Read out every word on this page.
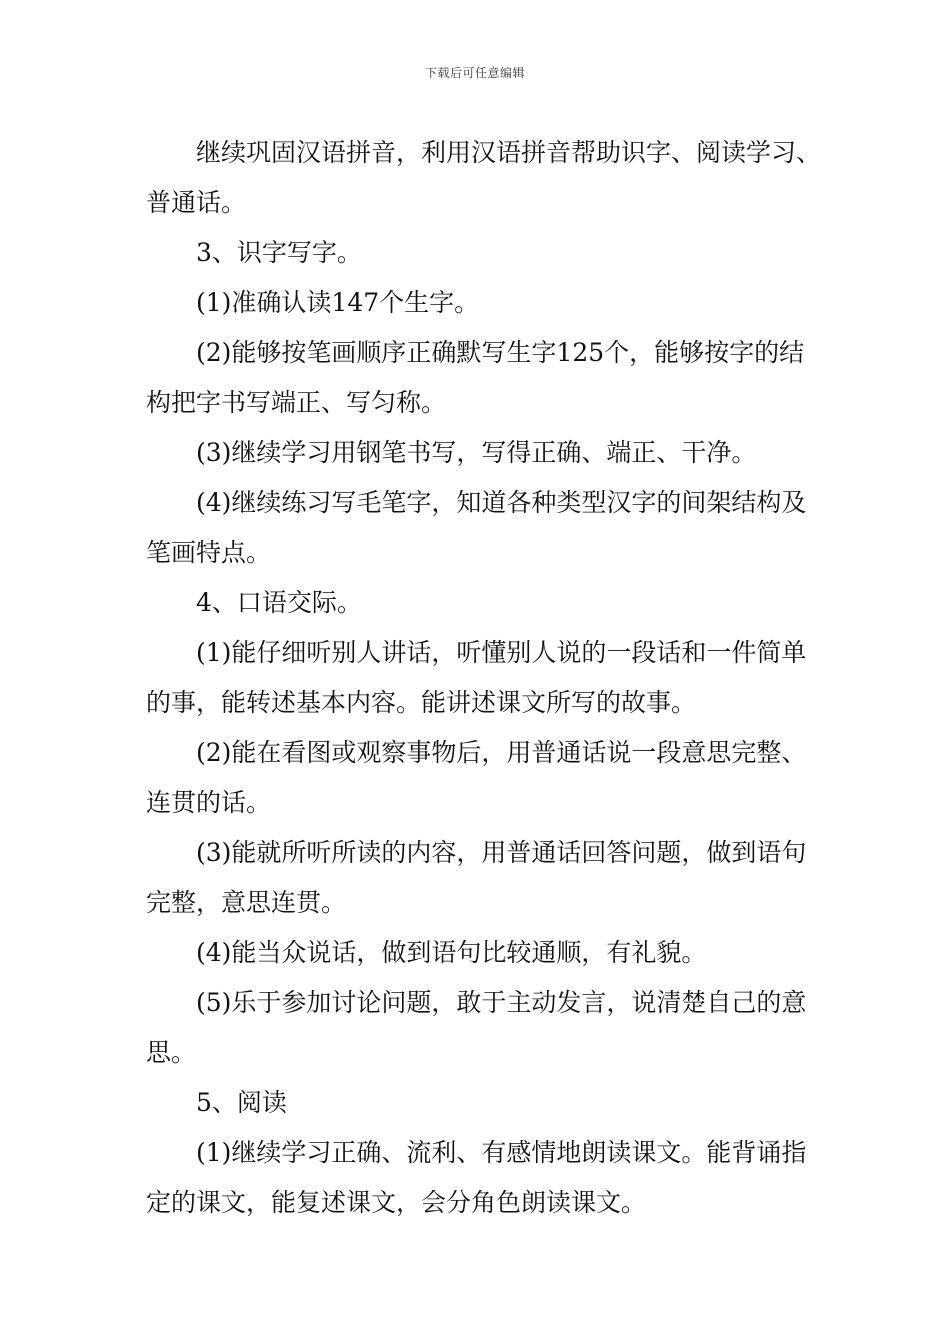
下载后可任意编辑

继续巩固汉语拼音，利用汉语拼音帮助识字、阅读学习、普通话。

3、识字写字。

(1)准确认读147个生字。

(2)能够按笔画顺序正确默写生字125个，能够按字的结构把字书写端正、写匀称。

(3)继续学习用钢笔书写，写得正确、端正、干净。

(4)继续练习写毛笔字，知道各种类型汉字的间架结构及笔画特点。

4、口语交际。

(1)能仔细听别人讲话，听懂别人说的一段话和一件简单的事，能转述基本内容。能讲述课文所写的故事。

(2)能在看图或观察事物后，用普通话说一段意思完整、连贯的话。

(3)能就所听所读的内容，用普通话回答问题，做到语句完整，意思连贯。

(4)能当众说话，做到语句比较通顺，有礼貌。

(5)乐于参加讨论问题，敢于主动发言，说清楚自己的意思。

5、阅读

(1)继续学习正确、流利、有感情地朗读课文。能背诵指定的课文，能复述课文，会分角色朗读课文。
